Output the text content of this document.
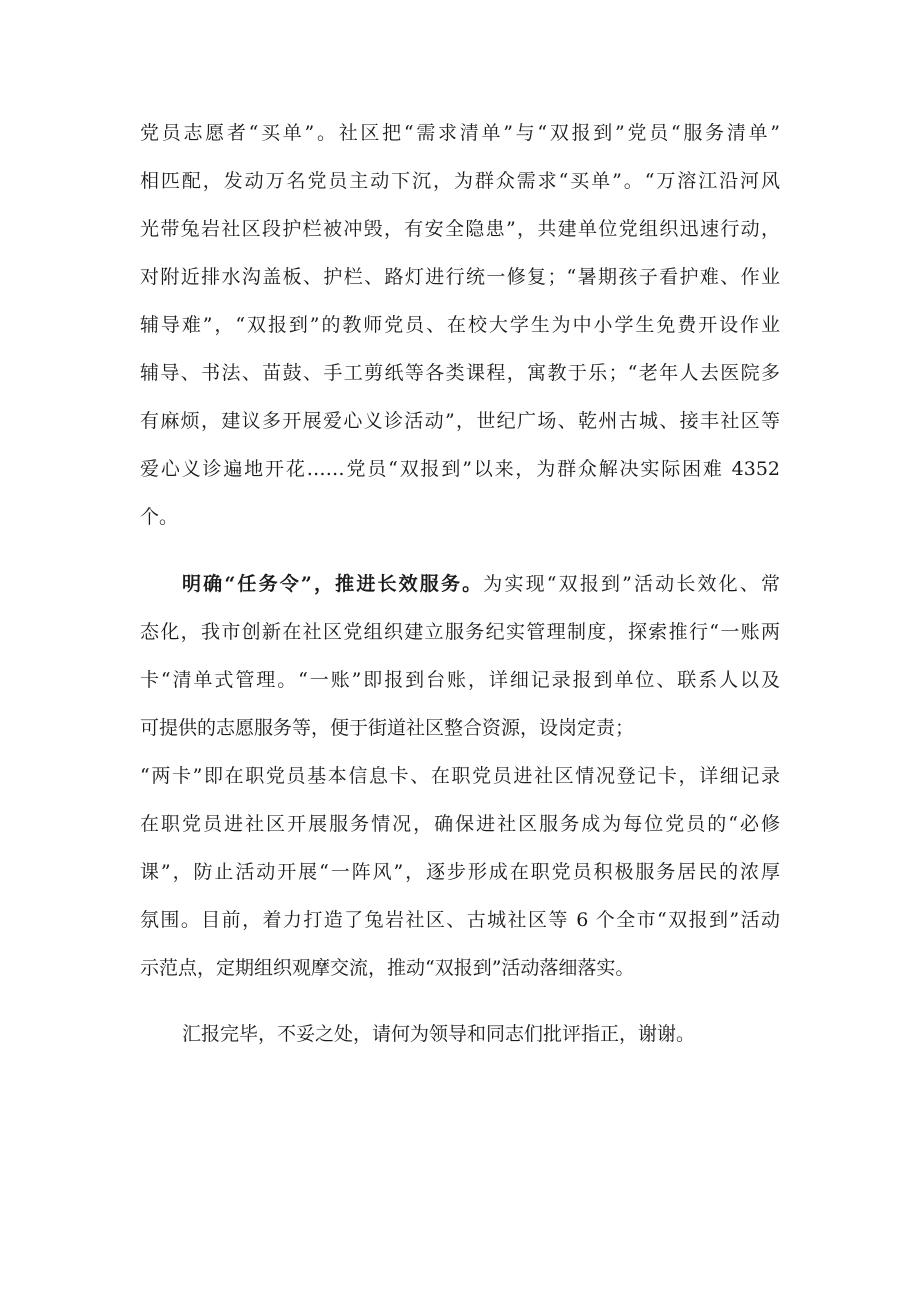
党员志愿者“买单”。社区把“需求清单”与“双报到”党员“服务清单”
相匹配，发动万名党员主动下沉，为群众需求“买单”。“万溶江沿河风
光带兔岩社区段护栏被冲毁，有安全隐患”，共建单位党组织迅速行动，
对附近排水沟盖板、护栏、路灯进行统一修复；“暑期孩子看护难、作业
辅导难”，“双报到”的教师党员、在校大学生为中小学生免费开设作业
辅导、书法、苗鼓、手工剪纸等各类课程，寓教于乐；“老年人去医院多
有麻烦，建议多开展爱心义诊活动”，世纪广场、乾州古城、接丰社区等
爱心义诊遍地开花……党员“双报到”以来，为群众解决实际困难 4352
个。
明确“任务令”，推进长效服务。为实现“双报到”活动长效化、常
态化，我市创新在社区党组织建立服务纪实管理制度，探索推行“一账两
卡“清单式管理。“一账”即报到台账，详细记录报到单位、联系人以及
可提供的志愿服务等，便于街道社区整合资源，设岗定责；
“两卡”即在职党员基本信息卡、在职党员进社区情况登记卡，详细记录
在职党员进社区开展服务情况，确保进社区服务成为每位党员的“必修
课”，防止活动开展“一阵风”，逐步形成在职党员积极服务居民的浓厚
氛围。目前，着力打造了兔岩社区、古城社区等 6 个全市“双报到”活动
示范点，定期组织观摩交流，推动“双报到”活动落细落实。
汇报完毕，不妥之处，请何为领导和同志们批评指正，谢谢。
